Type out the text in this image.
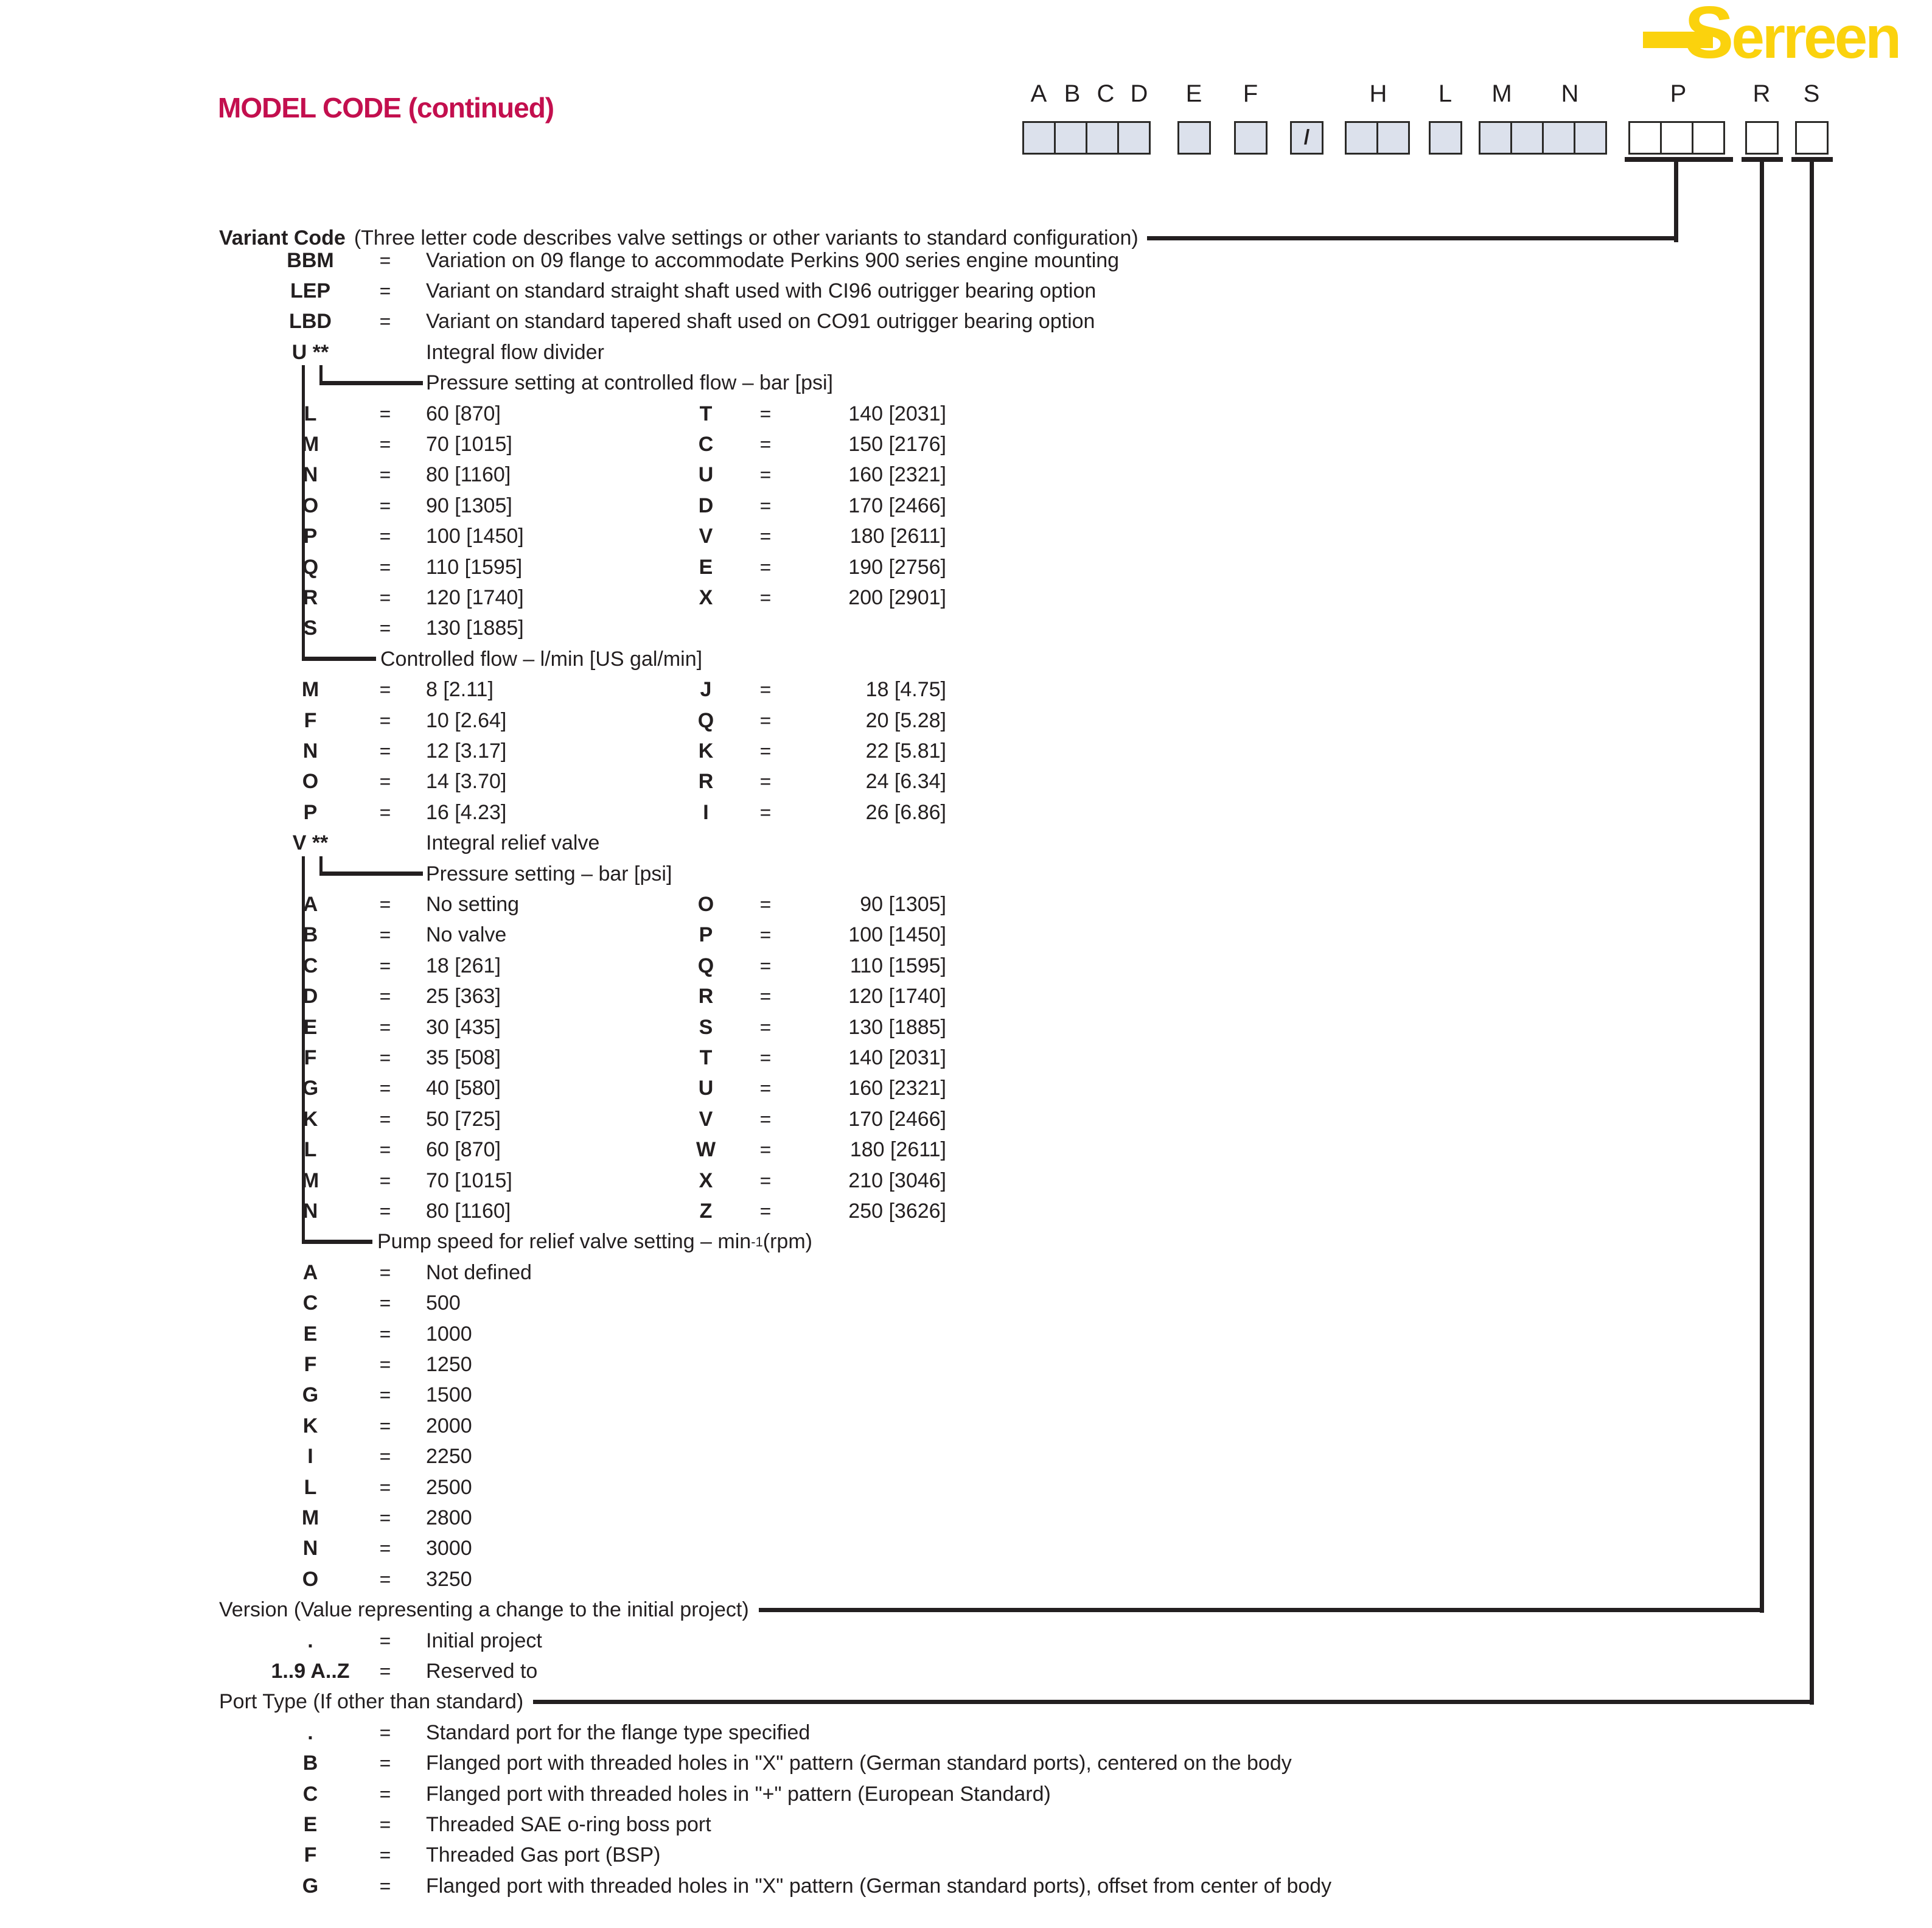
MODEL CODE (continued)
Serreen
A B C D E F	H L M N	P	R S
/
Variant Code (Three letter code describes valve settings or other variants to standard configuration)
BBM = Variation on 09 flange to accommodate Perkins 900 series engine mounting
LEP	= Variant on standard straight shaft used with CI96 outrigger bearing option
LBD = Variant on standard tapered shaft used on CO91 outrigger bearing option
U **	Integral flow divider
Pressure setting at controlled flow – bar [psi]
L	= 60 [870]	T =	140 [2031]
M	= 70 [1015]	C =	150 [2176]
N	= 80 [1160]	U =	160 [2321]
O	= 90 [1305]	D =	170 [2466]
P	= 100 [1450]	V =	180 [2611]
Q	= 110 [1595]	E =	190 [2756]
R	= 120 [1740]	X =	200 [2901]
S	= 130 [1885]
Controlled flow – l/min [US gal/min]
M	= 8 [2.11]	J =	18 [4.75]
F	= 10 [2.64]	Q =	20 [5.28]
N	= 12 [3.17]	K =	22 [5.81]
O	= 14 [3.70]	R =	24 [6.34]
P	= 16 [4.23]	I	=	26 [6.86]
V **	Integral relief valve
Pressure setting – bar [psi]
A	= No setting	O =	90 [1305]
B	= No valve	P =	100 [1450]
C	= 18 [261]	Q =	110 [1595]
D	= 25 [363]	R =	120 [1740]
E	= 30 [435]	S =	130 [1885]
F	= 35 [508]	T =	140 [2031]
G	= 40 [580]	U =	160 [2321]
K	= 50 [725]	V =	170 [2466]
L	= 60 [870]	W =	180 [2611]
M	= 70 [1015]	X =	210 [3046]
N	= 80 [1160]	Z =	250 [3626]
Pump speed for relief valve setting – min -1 (rpm)
A	= Not defined
C	= 500
E	= 1000
F	= 1250
G	= 1500
K	= 2000
I	= 2250
L	= 2500
M	= 2800
N	= 3000
O	= 3250
Version (Value representing a change to the initial project)
.	= Initial project
1..9 A..Z = Reserved to
Port Type (If other than standard)
.	= Standard port for the flange type specified
B	= Flanged port with threaded holes in "X" pattern (German standard ports), centered on the body
C	= Flanged port with threaded holes in "+" pattern (European Standard)
E	= Threaded SAE o-ring boss port
F	= Threaded Gas port (BSP)
G	= Flanged port with threaded holes in "X" pattern (German standard ports), offset from center of body
